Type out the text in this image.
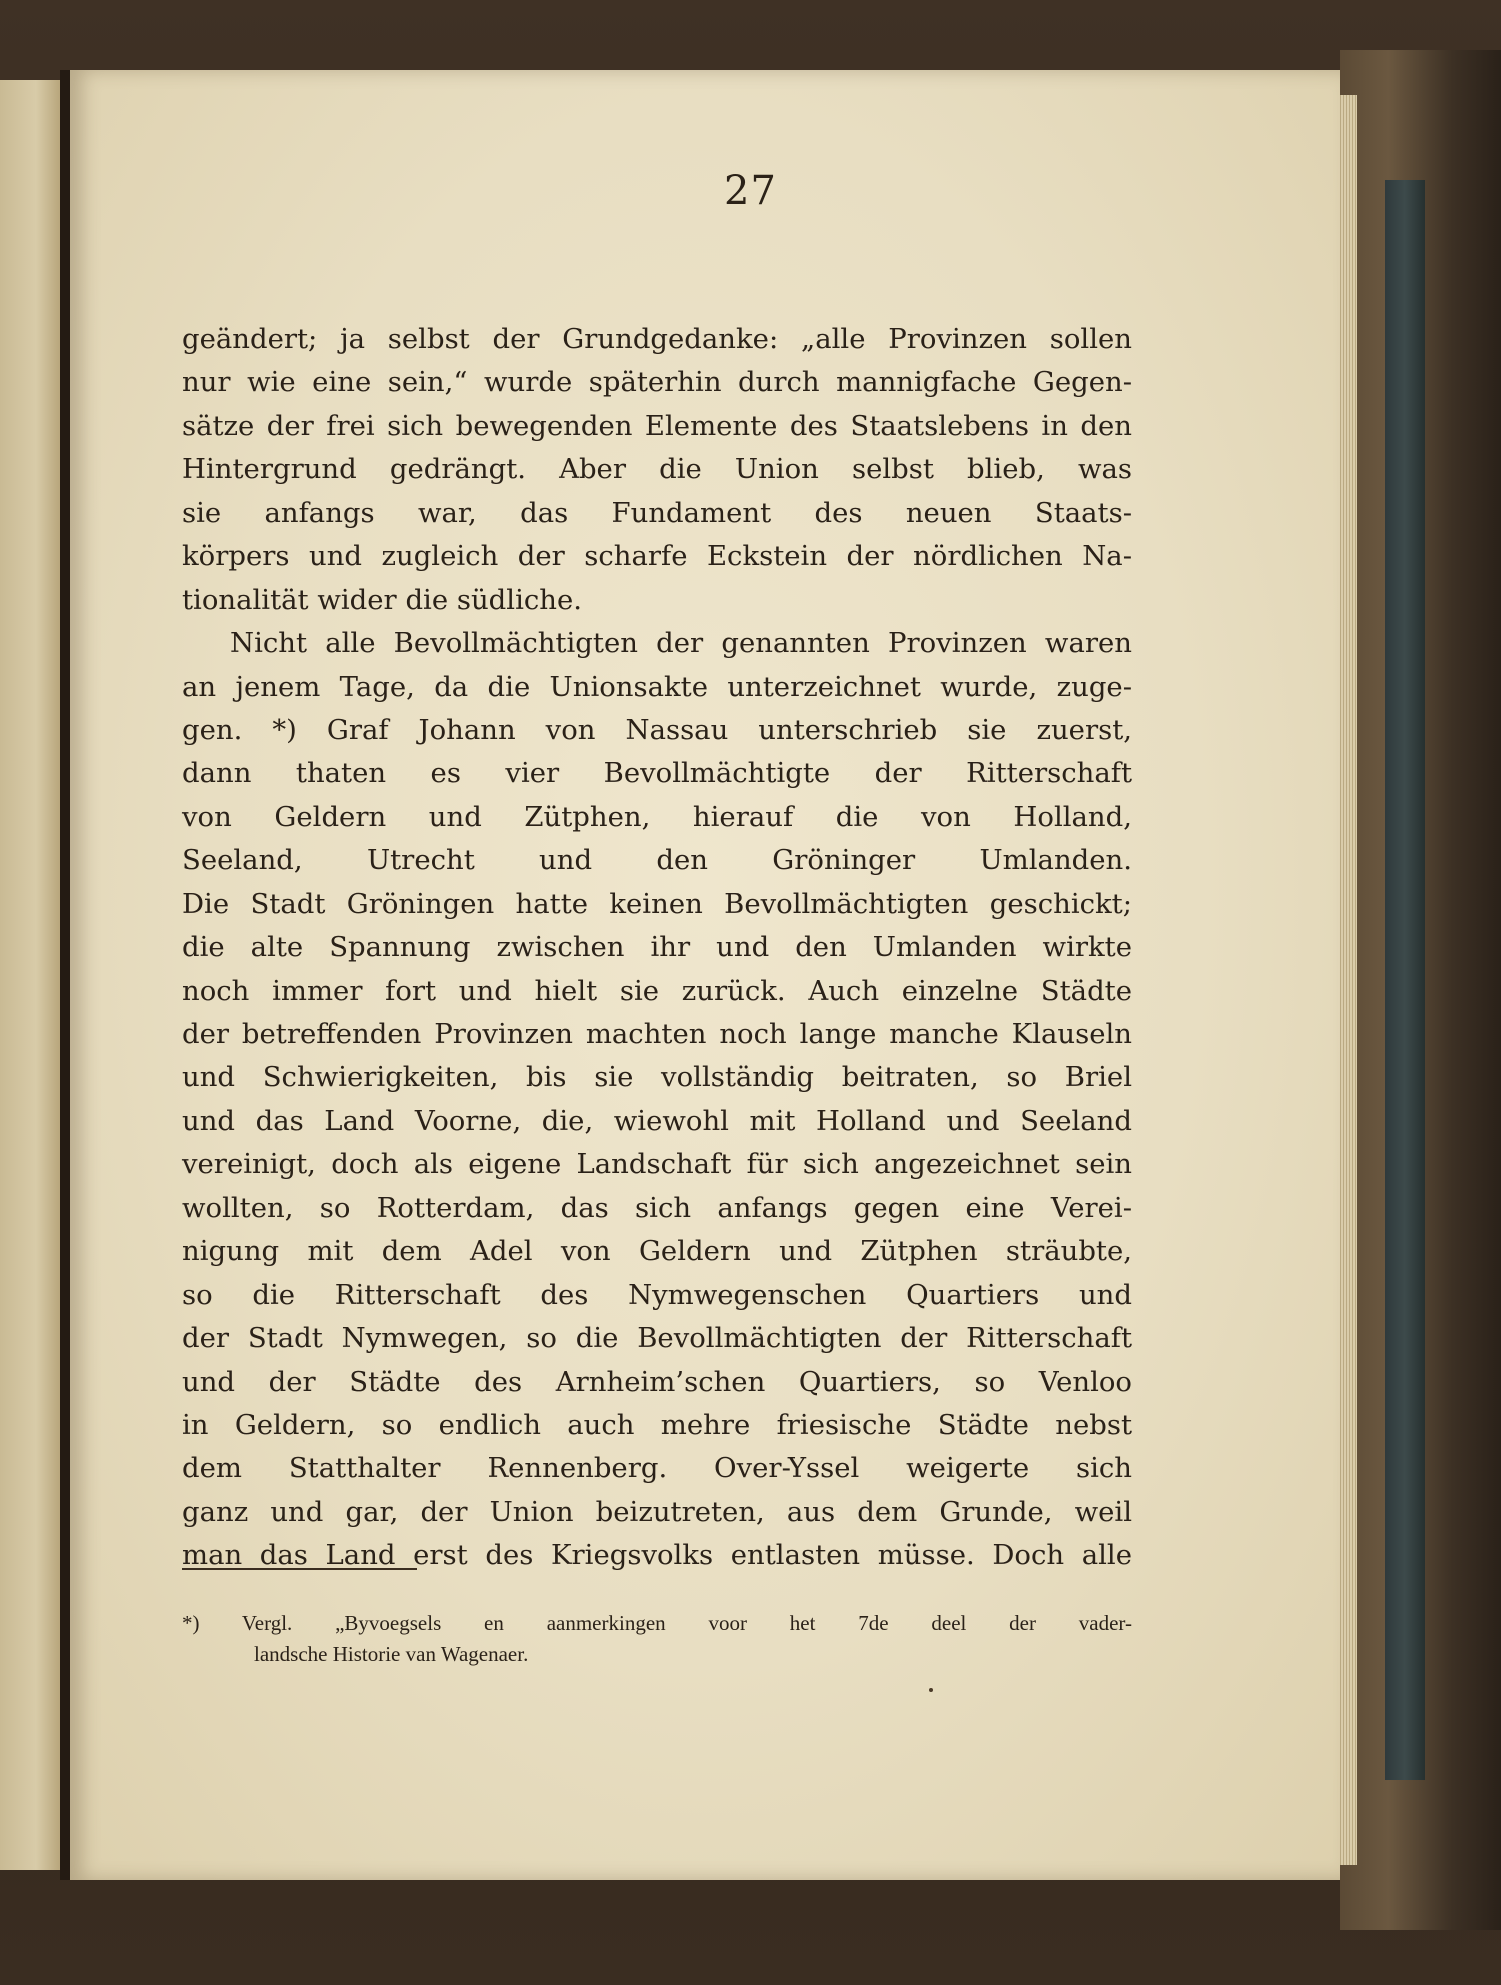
27
geändert; ja selbst der Grundgedanke: „alle Provinzen sollen
nur wie eine sein,“ wurde späterhin durch mannigfache Gegen-
sätze der frei sich bewegenden Elemente des Staatslebens in den
Hintergrund gedrängt. Aber die Union selbst blieb, was
sie anfangs war, das Fundament des neuen Staats-
körpers und zugleich der scharfe Eckstein der nördlichen Na-
tionalität wider die südliche.
Nicht alle Bevollmächtigten der genannten Provinzen waren
an jenem Tage, da die Unionsakte unterzeichnet wurde, zuge-
gen. *) Graf Johann von Nassau unterschrieb sie zuerst,
dann thaten es vier Bevollmächtigte der Ritterschaft
von Geldern und Zütphen, hierauf die von Holland,
Seeland, Utrecht und den Gröninger Umlanden.
Die Stadt Gröningen hatte keinen Bevollmächtigten geschickt;
die alte Spannung zwischen ihr und den Umlanden wirkte
noch immer fort und hielt sie zurück. Auch einzelne Städte
der betreffenden Provinzen machten noch lange manche Klauseln
und Schwierigkeiten, bis sie vollständig beitraten, so Briel
und das Land Voorne, die, wiewohl mit Holland und Seeland
vereinigt, doch als eigene Landschaft für sich angezeichnet sein
wollten, so Rotterdam, das sich anfangs gegen eine Verei-
nigung mit dem Adel von Geldern und Zütphen sträubte,
so die Ritterschaft des Nymwegenschen Quartiers und
der Stadt Nymwegen, so die Bevollmächtigten der Ritterschaft
und der Städte des Arnheim’schen Quartiers, so Venloo
in Geldern, so endlich auch mehre friesische Städte nebst
dem Statthalter Rennenberg. Over-Yssel weigerte sich
ganz und gar, der Union beizutreten, aus dem Grunde, weil
man das Land erst des Kriegsvolks entlasten müsse. Doch alle
*) Vergl. „Byvoegsels en aanmerkingen voor het 7de deel der vader-
landsche Historie van Wagenaer.
